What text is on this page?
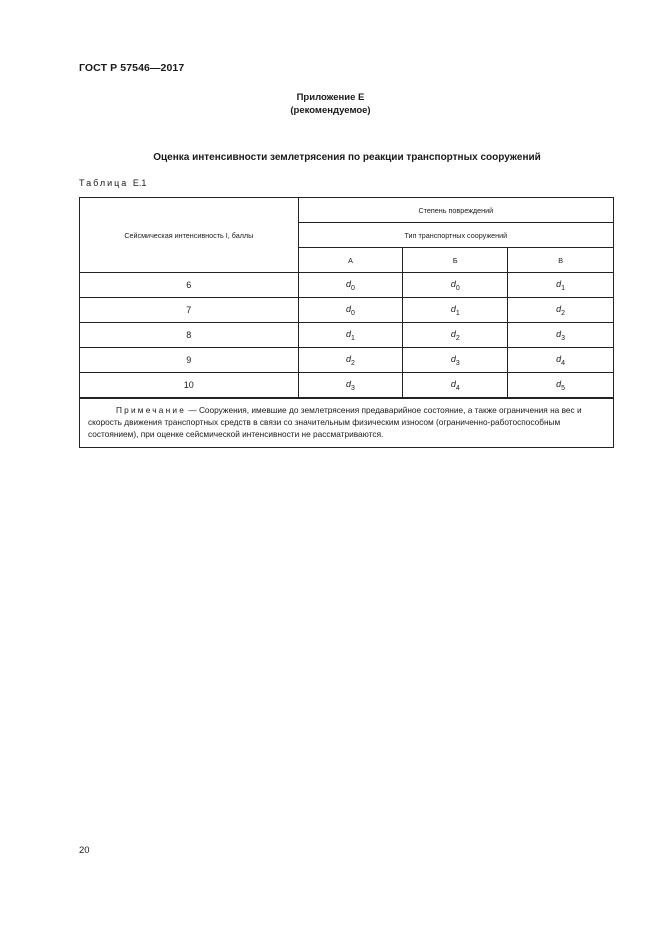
ГОСТ Р 57546—2017
Приложение Е
(рекомендуемое)
Оценка интенсивности землетрясения по реакции транспортных сооружений
Таблица Е.1
Сейсмическая интенсивность I, баллы	Степень повреждений		
	Тип транспортных сооружений		
	А	Б	В
6	$d_0$	$d_0$	$d_1$
7	$d_0$	$d_1$	$d_2$
8	$d_1$	$d_2$	$d_3$
9	$d_2$	$d_3$	$d_4$
10	$d_3$	$d_4$	$d_5$
Примечание — Сооружения, имевшие до землетрясения предаварийное состояние, а также ограничения на вес и скорость движения транспортных средств в связи со значительным физическим износом (ограниченно-работоспособным состоянием), при оценке сейсмической интенсивности не рассматриваются.			
20
